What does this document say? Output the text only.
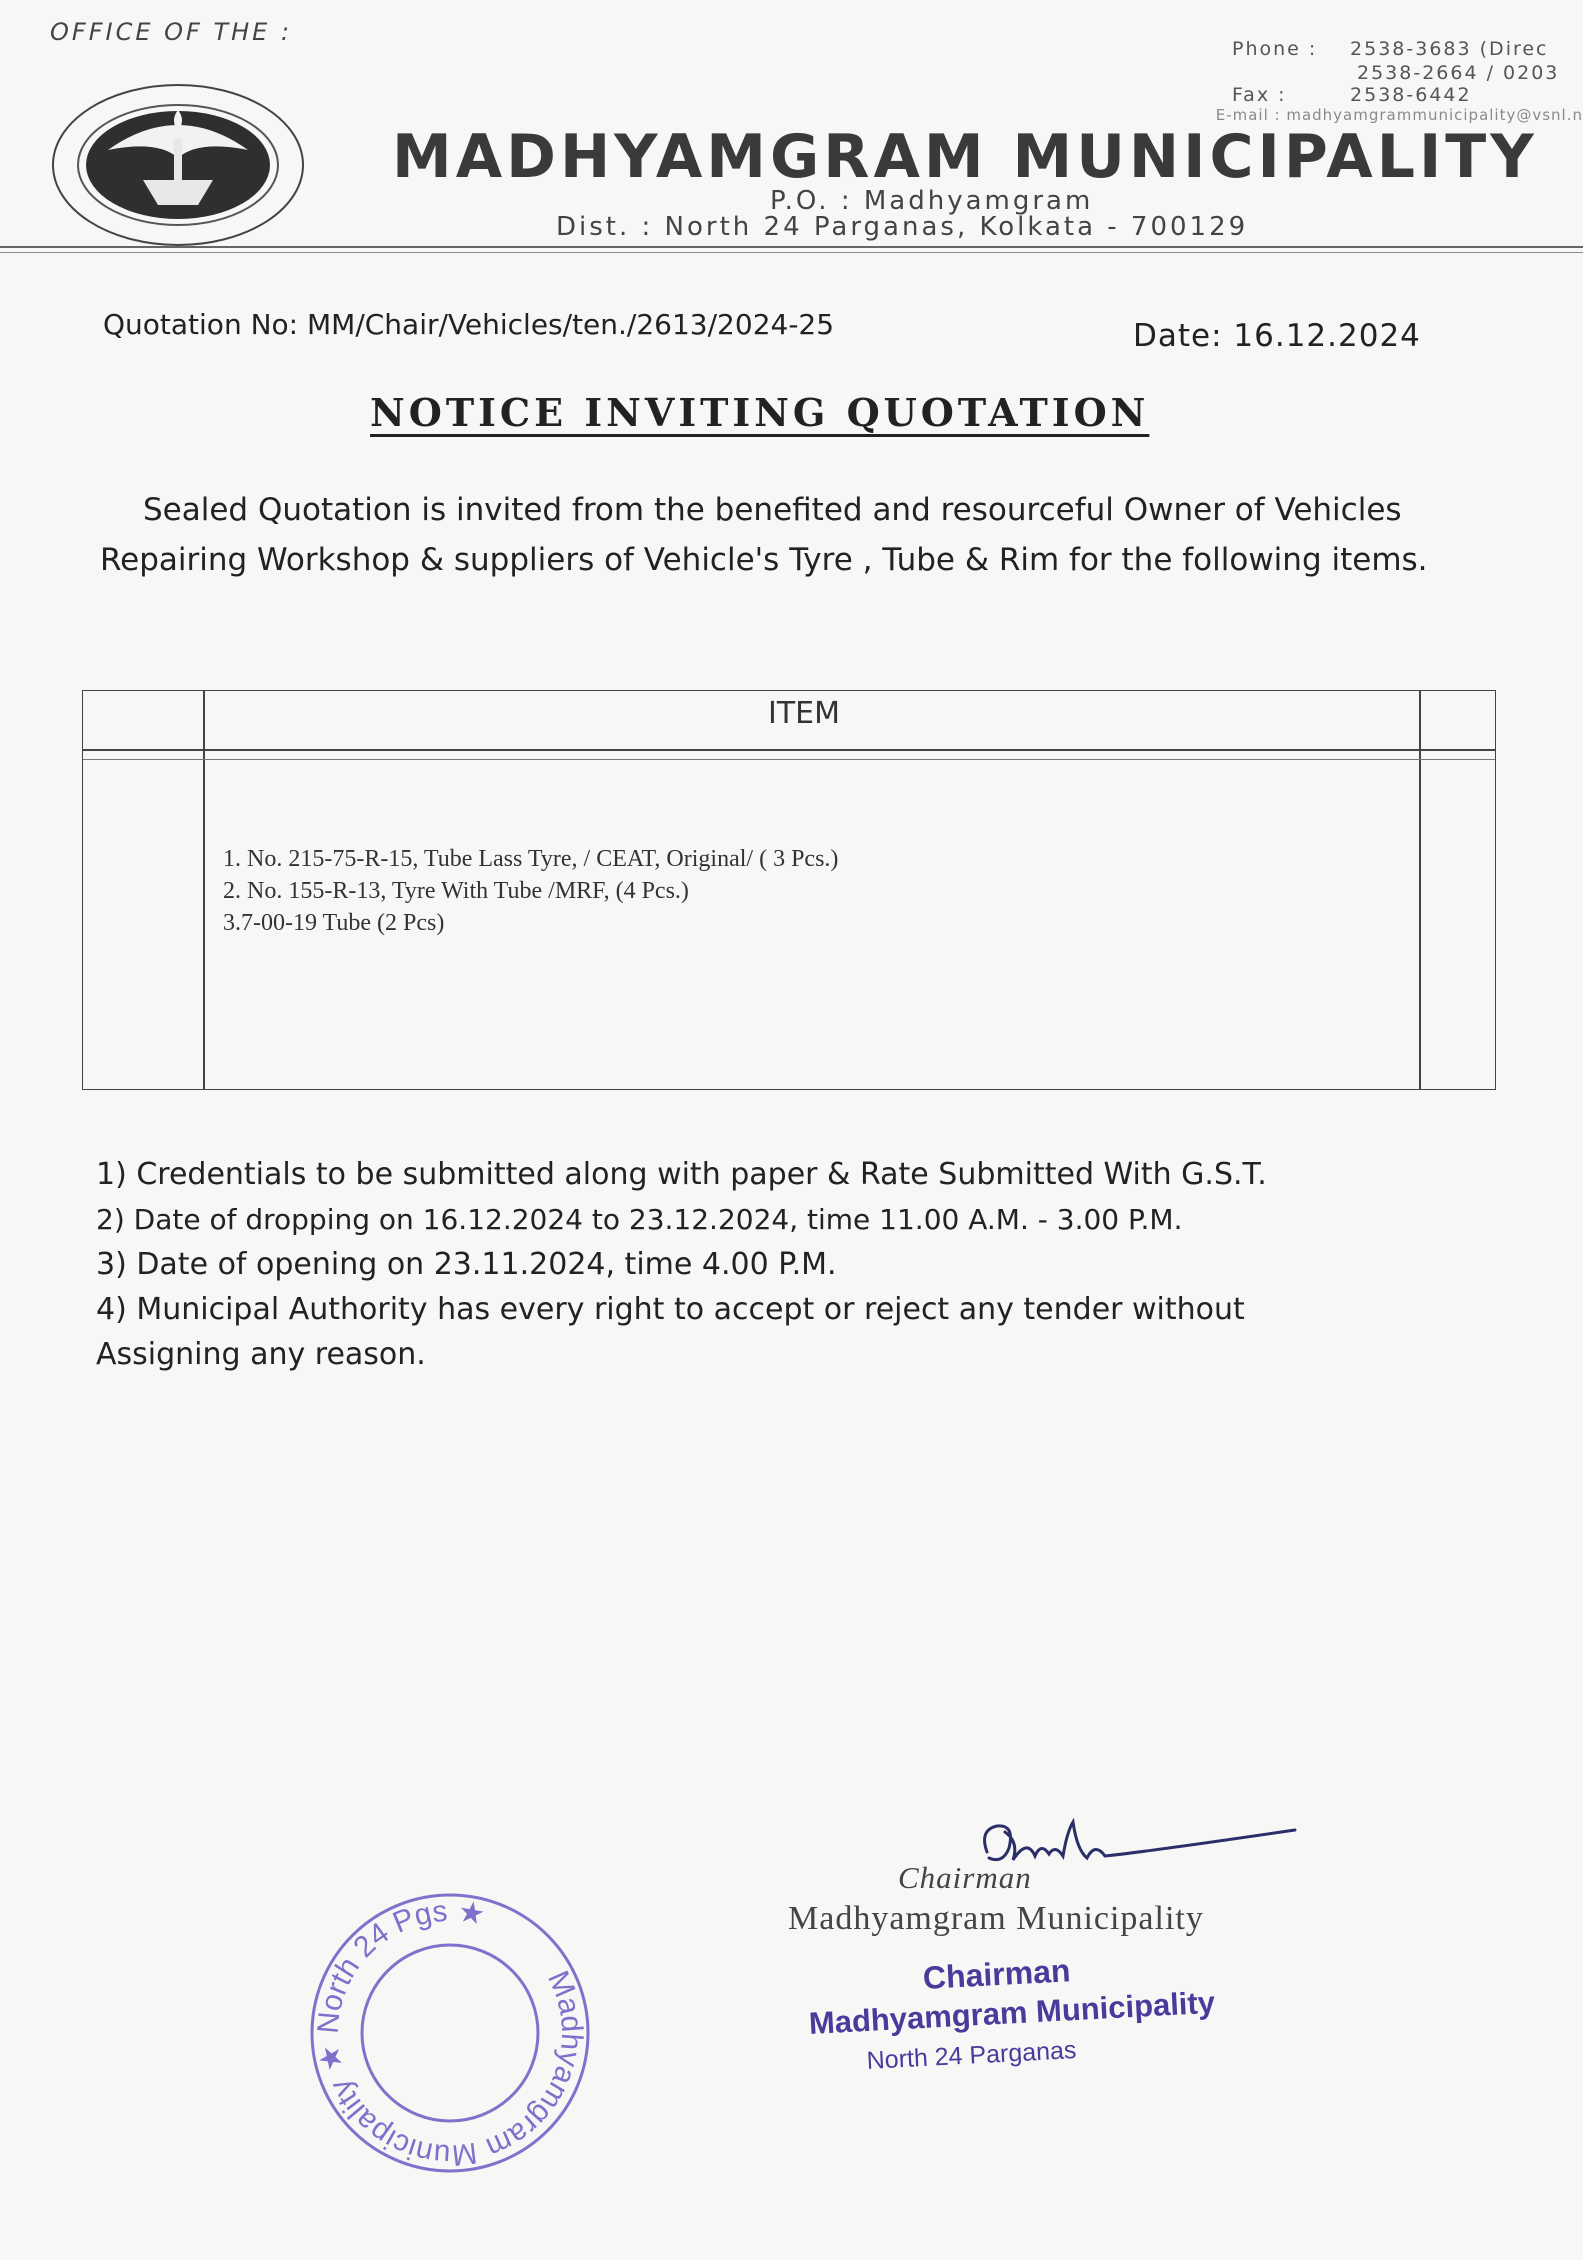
OFFICE OF THE :
Phone : 2538-3683 (Direc
2538-2664 / 0203
Fax :	2538-6442
E-mail : madhyamgrammunicipality@vsnl.n
MADHYAMGRAM MUNICIPALITY
P.O. : Madhyamgram
Dist. : North 24 Parganas, Kolkata - 700129
Quotation No: MM/Chair/Vehicles/ten./2613/2024-25	Date: 16.12.2024
NOTICE INVITING QUOTATION
Sealed Quotation is invited from the benefited and resourceful Owner of Vehicles
Repairing Workshop & suppliers of Vehicle's Tyre , Tube & Rim for the following items.
ITEM
1. No. 215-75-R-15, Tube Lass Tyre, / CEAT, Original/ ( 3 Pcs.)
2. No. 155-R-13, Tyre With Tube /MRF, (4 Pcs.)
3.7-00-19 Tube (2 Pcs)
1) Credentials to be submitted along with paper & Rate Submitted With G.S.T.
2) Date of dropping on 16.12.2024 to 23.12.2024, time 11.00 A.M. - 3.00 P.M.
3) Date of opening on 23.11.2024, time 4.00 P.M.
4) Municipal Authority has every right to accept or reject any tender without
Assigning any reason.
Chairman
Madhyamgram Municipality
Chairman
Madhyamgram Municipality
North 24 Parganas
Madhyamgram Municipality ★ North 24 Pgs ★
